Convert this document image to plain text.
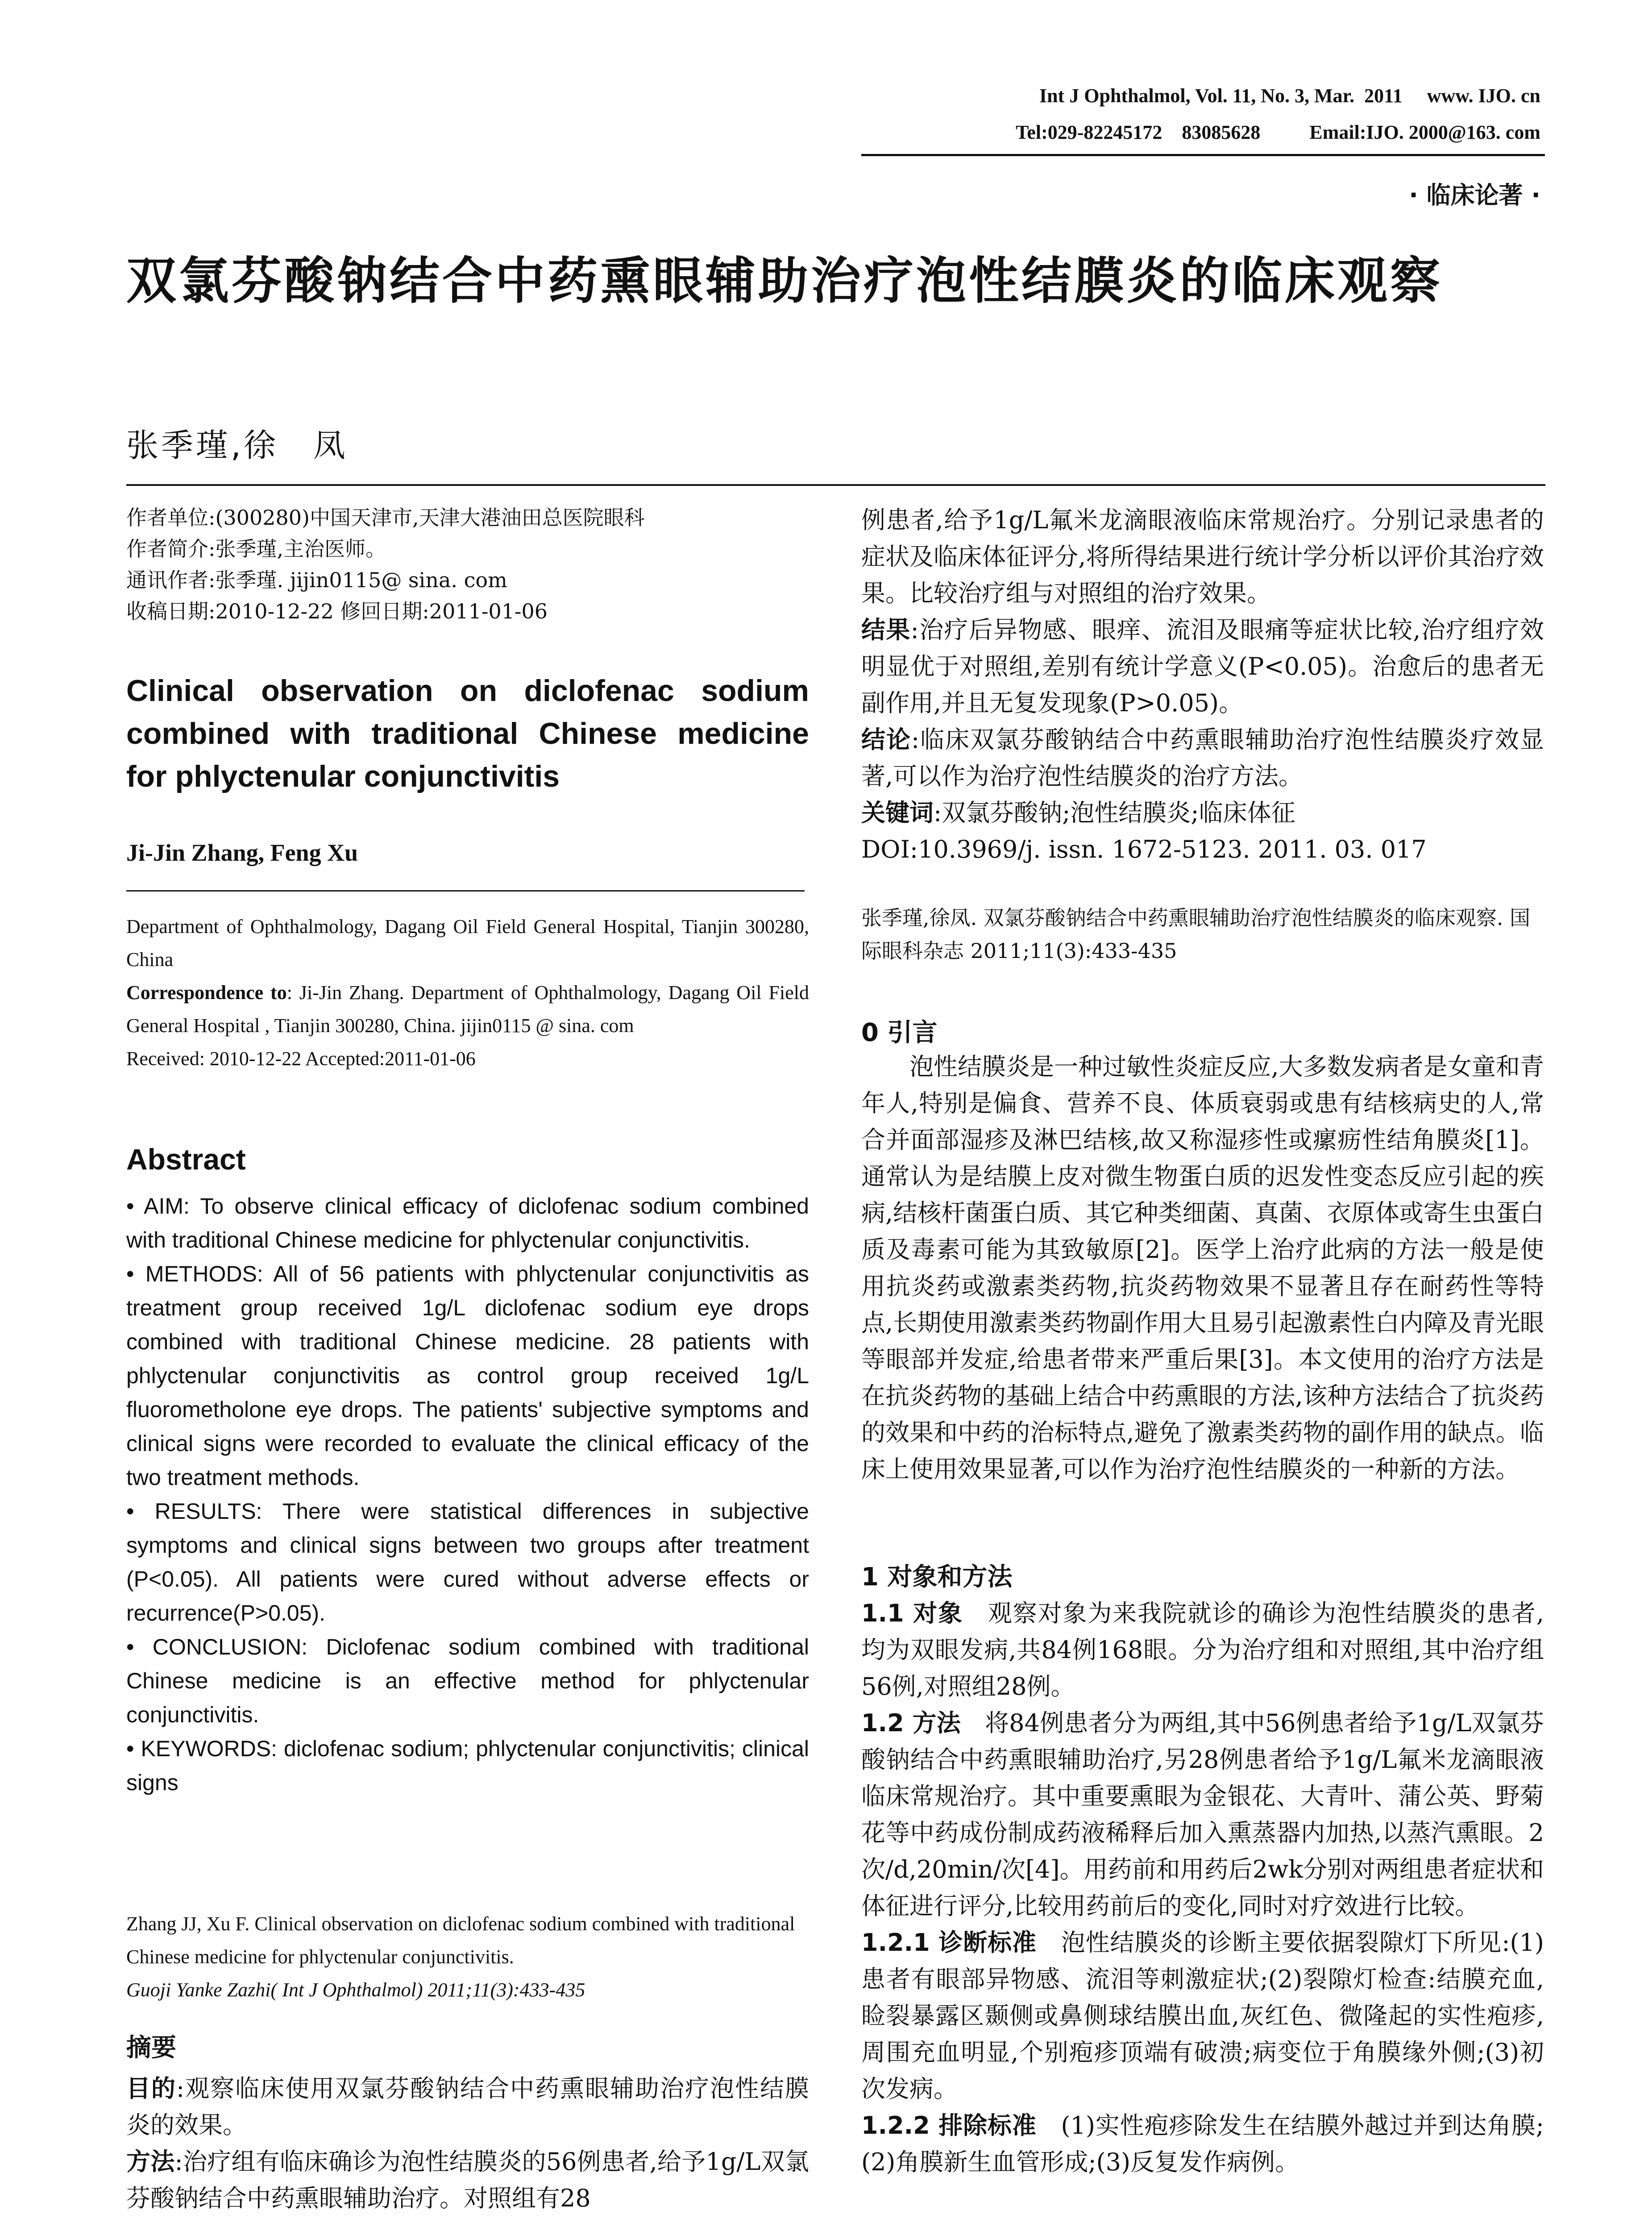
Int J Ophthalmol, Vol. 11, No. 3, Mar.  2011     www. IJO. cn
Tel:029-82245172    83085628          Email:IJO. 2000@163. com
· 临床论著 ·
双氯芬酸钠结合中药熏眼辅助治疗泡性结膜炎的临床观察
张季瑾,徐　凤

作者单位:(300280)中国天津市,天津大港油田总医院眼科

作者简介:张季瑾,主治医师。

通讯作者:张季瑾. jijin0115@ sina. com

收稿日期:2010-12-22 修回日期:2011-01-06

Clinical observation on diclofenac sodium combined with traditional Chinese medicine for phlyctenular conjunctivitis
Ji-Jin Zhang, Feng Xu

Department of Ophthalmology, Dagang Oil Field General Hospital, Tianjin 300280, China

Correspondence to: Ji-Jin Zhang. Department of Ophthalmology, Dagang Oil Field General Hospital , Tianjin 300280, China. jijin0115 @ sina. com

Received: 2010-12-22 Accepted:2011-01-06

Abstract

• AIM: To observe clinical efficacy of diclofenac sodium combined with traditional Chinese medicine for phlyctenular conjunctivitis.

• METHODS: All of 56 patients with phlyctenular conjunctivitis as treatment group received 1g/L diclofenac sodium eye drops combined with traditional Chinese medicine. 28 patients with phlyctenular conjunctivitis as control group received 1g/L fluorometholone eye drops. The patients' subjective symptoms and clinical signs were recorded to evaluate the clinical efficacy of the two treatment methods.

• RESULTS: There were statistical differences in subjective symptoms and clinical signs between two groups after treatment (P<0.05). All patients were cured without adverse effects or recurrence(P>0.05).

• CONCLUSION: Diclofenac sodium combined with traditional Chinese medicine is an effective method for phlyctenular conjunctivitis.

• KEYWORDS: diclofenac sodium; phlyctenular conjunctivitis; clinical signs

Zhang JJ, Xu F. Clinical observation on diclofenac sodium combined with traditional Chinese medicine for phlyctenular conjunctivitis.

Guoji Yanke Zazhi( Int J Ophthalmol) 2011;11(3):433-435

摘要

目的:观察临床使用双氯芬酸钠结合中药熏眼辅助治疗泡性结膜炎的效果。

方法:治疗组有临床确诊为泡性结膜炎的56例患者,给予1g/L双氯芬酸钠结合中药熏眼辅助治疗。对照组有28

例患者,给予1g/L氟米龙滴眼液临床常规治疗。分别记录患者的症状及临床体征评分,将所得结果进行统计学分析以评价其治疗效果。比较治疗组与对照组的治疗效果。

结果:治疗后异物感、眼痒、流泪及眼痛等症状比较,治疗组疗效明显优于对照组,差别有统计学意义(P<0.05)。治愈后的患者无副作用,并且无复发现象(P>0.05)。

结论:临床双氯芬酸钠结合中药熏眼辅助治疗泡性结膜炎疗效显著,可以作为治疗泡性结膜炎的治疗方法。

关键词:双氯芬酸钠;泡性结膜炎;临床体征

DOI:10.3969/j. issn. 1672-5123. 2011. 03. 017

张季瑾,徐凤. 双氯芬酸钠结合中药熏眼辅助治疗泡性结膜炎的临床观察. 国际眼科杂志 2011;11(3):433-435
0 引言

泡性结膜炎是一种过敏性炎症反应,大多数发病者是女童和青年人,特别是偏食、营养不良、体质衰弱或患有结核病史的人,常合并面部湿疹及淋巴结核,故又称湿疹性或瘰疬性结角膜炎[1]。通常认为是结膜上皮对微生物蛋白质的迟发性变态反应引起的疾病,结核杆菌蛋白质、其它种类细菌、真菌、衣原体或寄生虫蛋白质及毒素可能为其致敏原[2]。医学上治疗此病的方法一般是使用抗炎药或激素类药物,抗炎药物效果不显著且存在耐药性等特点,长期使用激素类药物副作用大且易引起激素性白内障及青光眼等眼部并发症,给患者带来严重后果[3]。本文使用的治疗方法是在抗炎药物的基础上结合中药熏眼的方法,该种方法结合了抗炎药的效果和中药的治标特点,避免了激素类药物的副作用的缺点。临床上使用效果显著,可以作为治疗泡性结膜炎的一种新的方法。

1 对象和方法

1.1 对象　观察对象为来我院就诊的确诊为泡性结膜炎的患者,均为双眼发病,共84例168眼。分为治疗组和对照组,其中治疗组56例,对照组28例。

1.2 方法　将84例患者分为两组,其中56例患者给予1g/L双氯芬酸钠结合中药熏眼辅助治疗,另28例患者给予1g/L氟米龙滴眼液临床常规治疗。其中重要熏眼为金银花、大青叶、蒲公英、野菊花等中药成份制成药液稀释后加入熏蒸器内加热,以蒸汽熏眼。2次/d,20min/次[4]。用药前和用药后2wk分别对两组患者症状和体征进行评分,比较用药前后的变化,同时对疗效进行比较。

1.2.1 诊断标准　泡性结膜炎的诊断主要依据裂隙灯下所见:(1)患者有眼部异物感、流泪等刺激症状;(2)裂隙灯检查:结膜充血,睑裂暴露区颞侧或鼻侧球结膜出血,灰红色、微隆起的实性疱疹,周围充血明显,个别疱疹顶端有破溃;病变位于角膜缘外侧;(3)初次发病。

1.2.2 排除标准　(1)实性疱疹除发生在结膜外越过并到达角膜;(2)角膜新生血管形成;(3)反复发作病例。
